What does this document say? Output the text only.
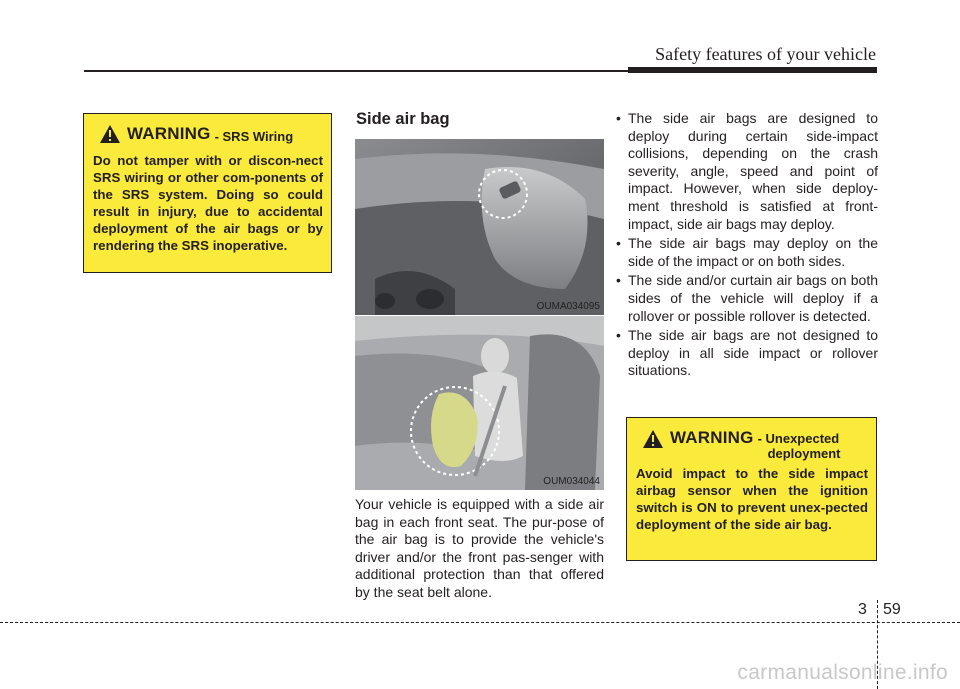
Safety features of your vehicle
WARNING - SRS Wiring
Do not tamper with or discon-nect SRS wiring or other com-ponents of the SRS system. Doing so could result in injury, due to accidental deployment of the air bags or by rendering the SRS inoperative.
Side air bag
OUMA034095
OUM034044
Your vehicle is equipped with a side air bag in each front seat. The pur-pose of the air bag is to provide the vehicle's driver and/or the front pas-senger with additional protection than that offered by the seat belt alone.
• The side air bags are designed to deploy during certain side-impact collisions, depending on the crash severity, angle, speed and point of impact. However, when side deploy-ment threshold is satisfied at front-impact, side air bags may deploy.
• The side air bags may deploy on the side of the impact or on both sides.
• The side and/or curtain air bags on both sides of the vehicle will deploy if a rollover or possible rollover is detected.
• The side air bags are not designed to deploy in all side impact or rollover situations.
WARNING - Unexpected
deployment
Avoid impact to the side impact airbag sensor when the ignition switch is ON to prevent unex-pected deployment of the side air bag.
3 59
carmanualsonline.info
